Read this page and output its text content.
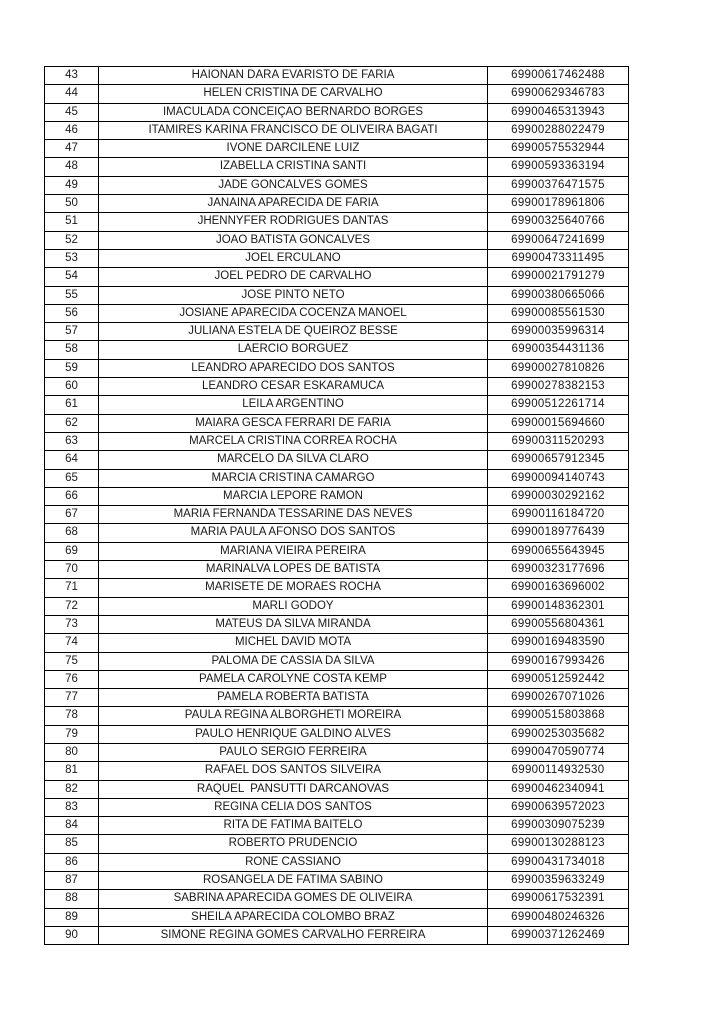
43	HAIONAN DARA EVARISTO DE FARIA	69900617462488
44	HELEN CRISTINA DE CARVALHO	69900629346783
45	IMACULADA CONCEIÇAO BERNARDO BORGES	69900465313943
46	ITAMIRES KARINA FRANCISCO DE OLIVEIRA BAGATI	69900288022479
47	IVONE DARCILENE LUIZ	69900575532944
48	IZABELLA CRISTINA SANTI	69900593363194
49	JADE GONCALVES GOMES	69900376471575
50	JANAINA APARECIDA DE FARIA	69900178961806
51	JHENNYFER RODRIGUES DANTAS	69900325640766
52	JOAO BATISTA GONCALVES	69900647241699
53	JOEL ERCULANO	69900473311495
54	JOEL PEDRO DE CARVALHO	69900021791279
55	JOSE PINTO NETO	69900380665066
56	JOSIANE APARECIDA COCENZA MANOEL	69900085561530
57	JULIANA ESTELA DE QUEIROZ BESSE	69900035996314
58	LAERCIO BORGUEZ	69900354431136
59	LEANDRO APARECIDO DOS SANTOS	69900027810826
60	LEANDRO CESAR ESKARAMUCA	69900278382153
61	LEILA ARGENTINO	69900512261714
62	MAIARA GESCA FERRARI DE FARIA	69900015694660
63	MARCELA CRISTINA CORREA ROCHA	69900311520293
64	MARCELO DA SILVA CLARO	69900657912345
65	MARCIA CRISTINA CAMARGO	69900094140743
66	MARCIA LEPORE RAMON	69900030292162
67	MARIA FERNANDA TESSARINE DAS NEVES	69900116184720
68	MARIA PAULA AFONSO DOS SANTOS	69900189776439
69	MARIANA VIEIRA PEREIRA	69900655643945
70	MARINALVA LOPES DE BATISTA	69900323177696
71	MARISETE DE MORAES ROCHA	69900163696002
72	MARLI GODOY	69900148362301
73	MATEUS DA SILVA MIRANDA	69900556804361
74	MICHEL DAVID MOTA	69900169483590
75	PALOMA DE CASSIA DA SILVA	69900167993426
76	PAMELA CAROLYNE COSTA KEMP	69900512592442
77	PAMELA ROBERTA BATISTA	69900267071026
78	PAULA REGINA ALBORGHETI MOREIRA	69900515803868
79	PAULO HENRIQUE GALDINO ALVES	69900253035682
80	PAULO SERGIO FERREIRA	69900470590774
81	RAFAEL DOS SANTOS SILVEIRA	69900114932530
82	RAQUEL  PANSUTTI DARCANOVAS	69900462340941
83	REGINA CELIA DOS SANTOS	69900639572023
84	RITA DE FATIMA BAITELO	69900309075239
85	ROBERTO PRUDENCIO	69900130288123
86	RONE CASSIANO	69900431734018
87	ROSANGELA DE FATIMA SABINO	69900359633249
88	SABRINA APARECIDA GOMES DE OLIVEIRA	69900617532391
89	SHEILA APARECIDA COLOMBO BRAZ	69900480246326
90	SIMONE REGINA GOMES CARVALHO FERREIRA	69900371262469
